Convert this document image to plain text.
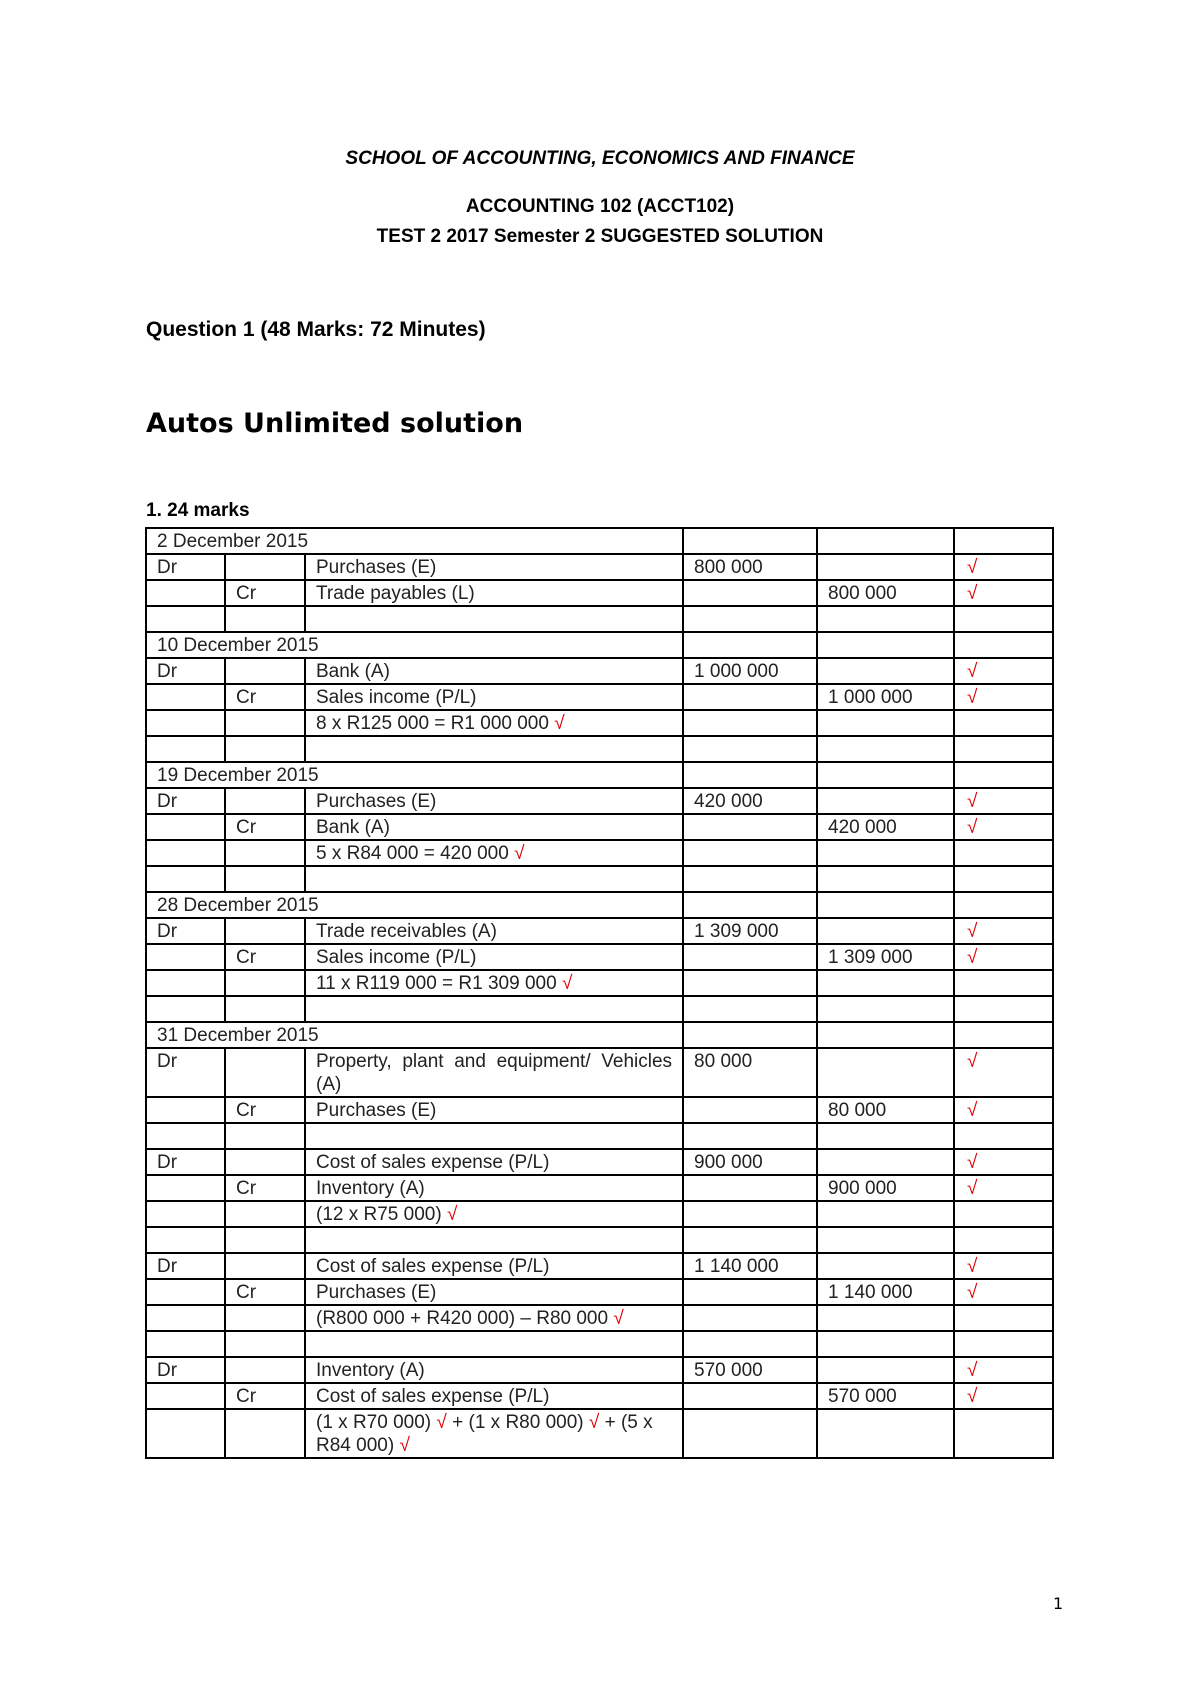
SCHOOL OF ACCOUNTING, ECONOMICS AND FINANCE
ACCOUNTING 102 (ACCT102)
TEST 2 2017 Semester 2 SUGGESTED SOLUTION
Question 1 (48 Marks: 72 Minutes)
Autos Unlimited solution
1. 24 marks
2 December 2015					
Dr		Purchases (E)	800 000		√
	Cr	Trade payables (L)		800 000	√

10 December 2015					
Dr		Bank (A)	1 000 000		√
	Cr	Sales income (P/L)		1 000 000	√
		8 x R125 000 = R1 000 000 √			

19 December 2015					
Dr		Purchases (E)	420 000		√
	Cr	Bank (A)		420 000	√
		5 x R84 000 = 420 000 √			

28 December 2015					
Dr		Trade receivables (A)	1 309 000		√
	Cr	Sales income (P/L)		1 309 000	√
		11 x R119 000 = R1 309 000 √			

31 December 2015					
Dr		Property, plant and equipment/ Vehicles (A)	80 000		√
	Cr	Purchases (E)		80 000	√

Dr		Cost of sales expense (P/L)	900 000		√
	Cr	Inventory (A)		900 000	√
		(12 x R75 000) √			

Dr		Cost of sales expense (P/L)	1 140 000		√
	Cr	Purchases (E)		1 140 000	√
		(R800 000 + R420 000) – R80 000 √			

Dr		Inventory (A)	570 000		√
	Cr	Cost of sales expense (P/L)		570 000	√
		(1 x R70 000) √ + (1 x R80 000) √ + (5 x R84 000) √			
1
